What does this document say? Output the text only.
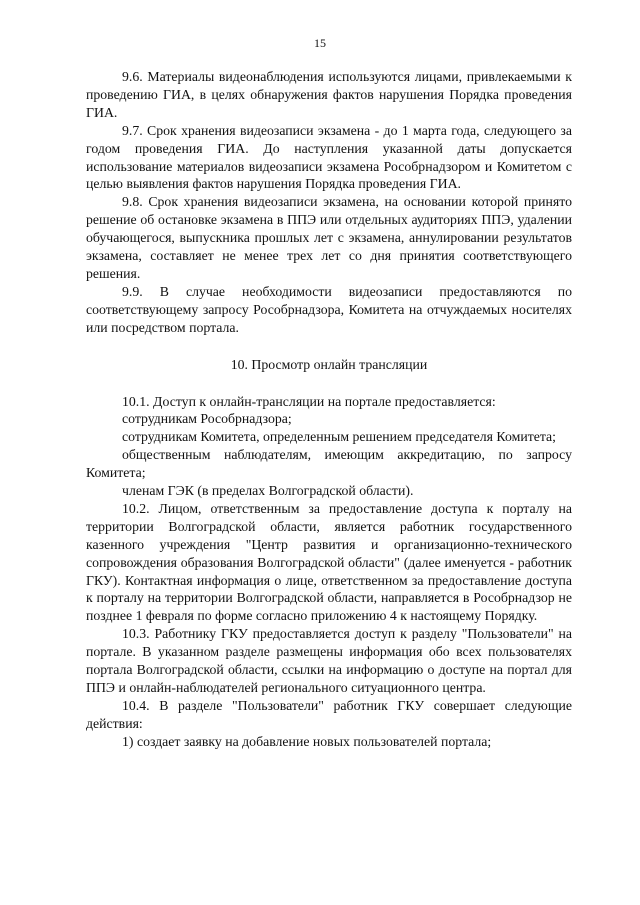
15

9.6. Материалы видеонаблюдения используются лицами, привлекаемыми к проведению ГИА, в целях обнаружения фактов нарушения Порядка проведения ГИА.

9.7. Срок хранения видеозаписи экзамена - до 1 марта года, следующего за годом проведения ГИА. До наступления указанной даты допускается использование материалов видеозаписи экзамена Рособрнадзором и Комитетом с целью выявления фактов нарушения Порядка проведения ГИА.

9.8. Срок хранения видеозаписи экзамена, на основании которой принято решение об остановке экзамена в ППЭ или отдельных аудиториях ППЭ, удалении обучающегося, выпускника прошлых лет с экзамена, аннулировании результатов экзамена, составляет не менее трех лет со дня принятия соответствующего решения.

9.9. В случае необходимости видеозаписи предоставляются по соответствующему запросу Рособрнадзора, Комитета на отчуждаемых носителях или посредством портала.

10. Просмотр онлайн трансляции

10.1. Доступ к онлайн-трансляции на портале предоставляется:

сотрудникам Рособрнадзора;

сотрудникам Комитета, определенным решением председателя Комитета;

общественным наблюдателям, имеющим аккредитацию, по запросу Комитета;

членам ГЭК (в пределах Волгоградской области).

10.2. Лицом, ответственным за предоставление доступа к порталу на территории Волгоградской области, является работник государственного казенного учреждения "Центр развития и организационно-технического сопровождения образования Волгоградской области" (далее именуется - работник ГКУ). Контактная информация о лице, ответственном за предоставление доступа к порталу на территории Волгоградской области, направляется в Рособрнадзор не позднее 1 февраля по форме согласно приложению 4 к настоящему Порядку.

10.3. Работнику ГКУ предоставляется доступ к разделу "Пользователи" на портале. В указанном разделе размещены информация обо всех пользователях портала Волгоградской области, ссылки на информацию о доступе на портал для ППЭ и онлайн-наблюдателей регионального ситуационного центра.

10.4. В разделе "Пользователи" работник ГКУ совершает следующие действия:

1) создает заявку на добавление новых пользователей портала;
